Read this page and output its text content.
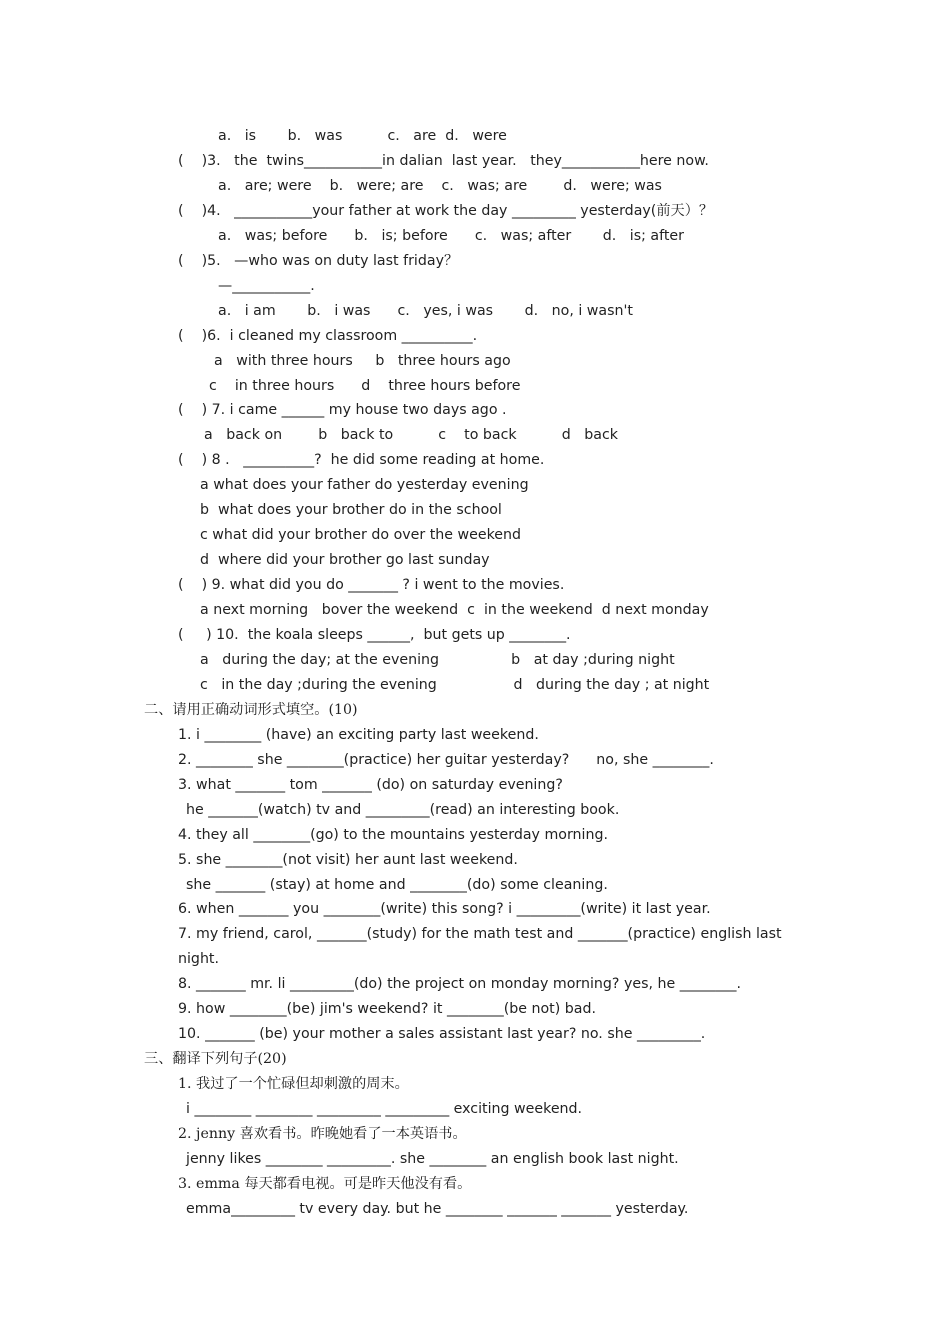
a.   is       b.   was          c.   are  d.   were
(    )3.   the  twins___________in dalian  last year.   they___________here now.
a.   are; were    b.   were; are    c.   was; are        d.   were; was
(    )4.   ___________your father at work the day _________ yesterday(前天）？
a.   was; before      b.   is; before      c.   was; after       d.   is; after
(    )5.   —who was on duty last friday？
—___________.
a.   i am       b.   i was      c.   yes, i was       d.   no, i wasn't
(    )6.  i cleaned my classroom __________.
a   with three hours     b   three hours ago
c    in three hours      d    three hours before
(    ) 7. i came ______ my house two days ago .
a   back on        b   back to          c    to back          d   back
(    ) 8 .   __________?  he did some reading at home.
a what does your father do yesterday evening
b  what does your brother do in the school
c what did your brother do over the weekend
d  where did your brother go last sunday
(    ) 9. what did you do _______ ? i went to the movies.
a next morning   bover the weekend  c  in the weekend  d next monday
(     ) 10.  the koala sleeps ______,  but gets up ________.
a   during the day; at the evening                b   at day ;during night
c   in the day ;during the evening                 d   during the day ; at night
二、请用正确动词形式填空。(10)
1. i ________ (have) an exciting party last weekend.
2. ________ she ________(practice) her guitar yesterday?      no, she ________.
3. what _______ tom _______ (do) on saturday evening?
he _______(watch) tv and _________(read) an interesting book.
4. they all ________(go) to the mountains yesterday morning.
5. she ________(not visit) her aunt last weekend.
she _______ (stay) at home and ________(do) some cleaning.
6. when _______ you ________(write) this song? i _________(write) it last year.
7. my friend, carol, _______(study) for the math test and _______(practice) english last
night.
8. _______ mr. li _________(do) the project on monday morning? yes, he ________.
9. how ________(be) jim's weekend? it ________(be not) bad.
10. _______ (be) your mother a sales assistant last year? no. she _________.
三、翻译下列句子(20)
1. 我过了一个忙碌但却刺激的周末。
i ________ ________ _________ _________ exciting weekend.
2. jenny 喜欢看书。昨晚她看了一本英语书。
jenny likes ________ _________. she ________ an english book last night.
3. emma 每天都看电视。可是昨天他没有看。
emma_________ tv every day. but he ________ _______ _______ yesterday.
